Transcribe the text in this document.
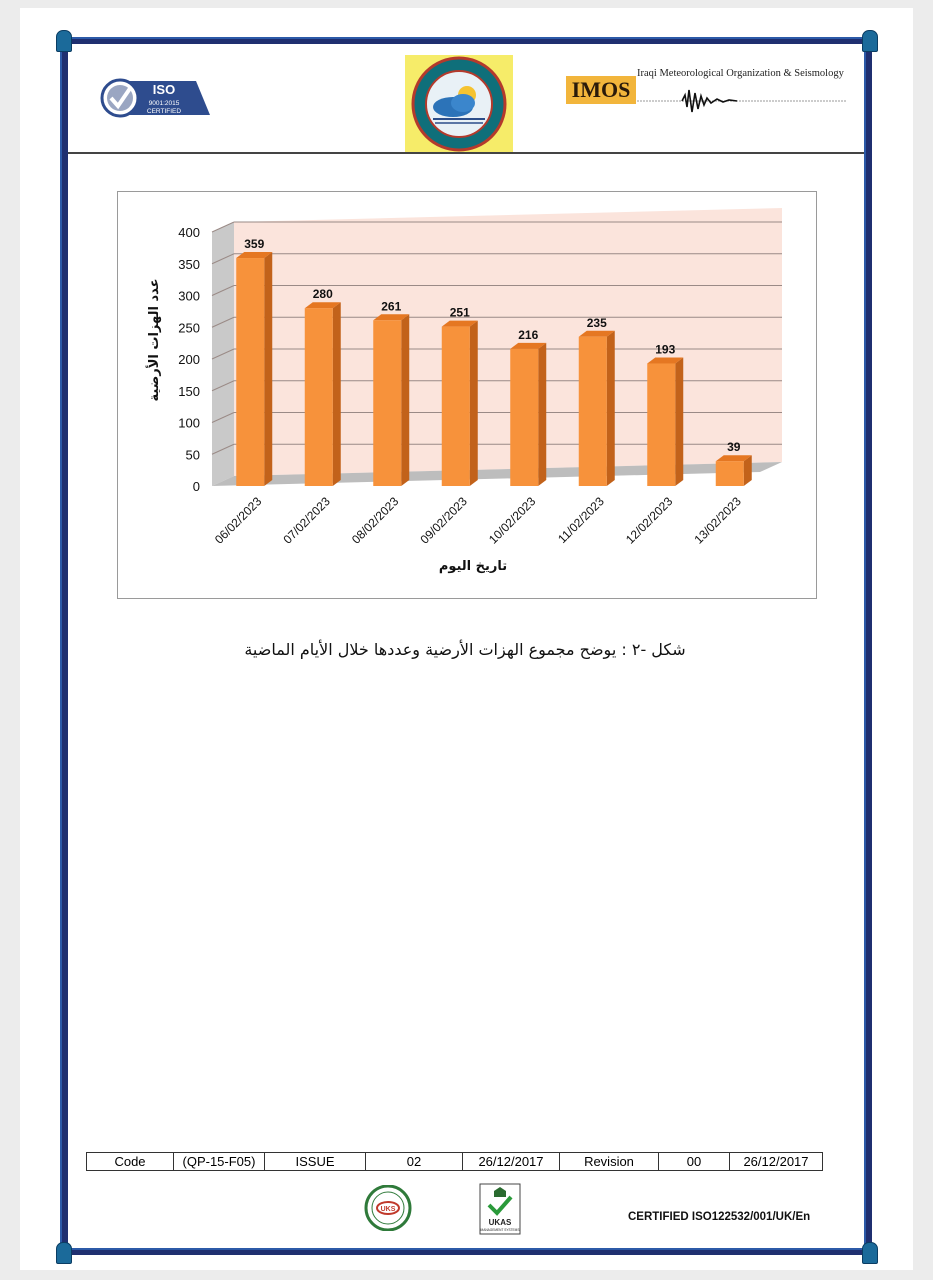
ISO
9001:2015
CERTIFIED
IMOS
Iraqi Meteorological Organization & Seismology
0
50
100
150
200
250
300
350
400
359
280
261	251
216
235
193
39
06/02/2023 07/02/2023 08/02/2023 09/02/2023 10/02/2023 11/02/2023 12/02/2023 13/02/2023
عدد الهزات الأرضية
تاريخ اليوم
شكل -٢ : يوضح مجموع الهزات الأرضية وعددها خلال الأيام الماضية
Code	(QP-15-F05)	ISSUE	02	26/12/2017	Revision	00	26/12/2017
UKS
UKAS
MANAGEMENT SYSTEMS
CERTIFIED ISO122532/001/UK/En
